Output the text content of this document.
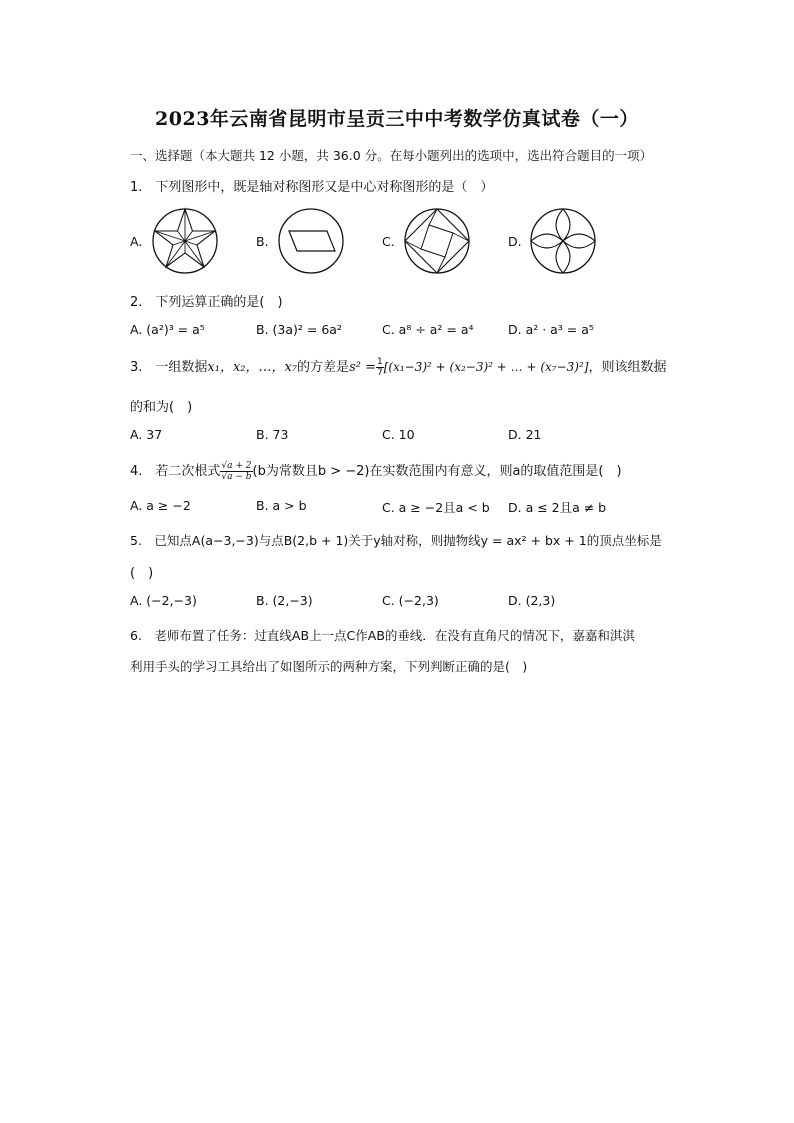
2023年云南省昆明市呈贡三中中考数学仿真试卷（一）
一、选择题（本大题共 12 小题，共 36.0 分。在每小题列出的选项中，选出符合题目的一项）
1.　下列图形中，既是轴对称图形又是中心对称图形的是（　）
A.	B.	C.	D.
2.　下列运算正确的是(　)
A. (a²)³ = a⁵	B. (3a)² = 6a²	C. a⁸ ÷ a² = a⁴	D. a² · a³ = a⁵
3.　一组数据x₁，x₂，…，x₇的方差是$s^2 = \frac{1}{7} [(x_1-3)^2 + (x_2-3)^2$ + … + (x₇−3)²]，则该组数据
的和为(　)
A. 37	B. 73	C. 10	D. 21
4.　若二次根式 $\frac{√a + 2}{√a - b} (b$为常数且b > −2)在实数范围内有意义，则a的取值范围是(　)
A. a ≥ −2	B. a > b	C. a ≥ −2且a < b D. a ≤ 2且a ≠ b
5.　已知点A(a−3,−3)与点B(2,b + 1)关于y轴对称，则抛物线y = ax² + bx + 1的顶点坐标是
(　)
A. (−2,−3)	B. (2,−3)	C. (−2,3)	D. (2,3)
6.　老师布置了任务：过直线AB上一点C作AB的垂线．在没有直角尺的情况下，嘉嘉和淇淇
利用手头的学习工具给出了如图所示的两种方案，下列判断正确的是(　)
